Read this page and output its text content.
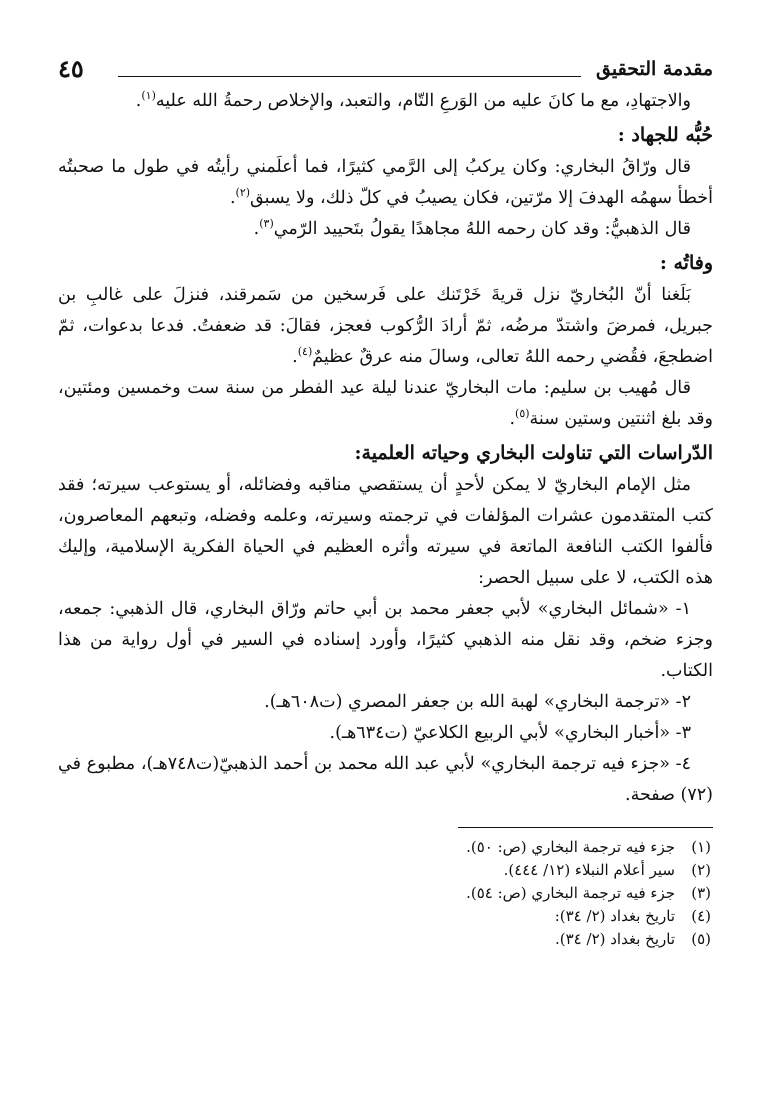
مقدمة التحقيق
٤٥

والاجتهادِ، مع ما كانَ عليه من الوَرعِ التّام، والتعبد، والإخلاص رحمةُ الله عليه$^{(١)}$.

حُبُّه للجهاد :

قال ورّاقُ البخاري: وكان يركبُ إلى الرَّمي كثيرًا، فما أعلَمني رأيتُه في طول ما صحبتُه أخطأ سهمُه الهدفَ إلا مرّتين، فكان يصيبُ في كلّ ذلك، ولا يسبق$^{(٢)}$.

قال الذهبيُّ: وقد كان رحمه اللهُ مجاهدًا يقولُ بتَحييد الرّمي$^{(٣)}$.

وفاتُه :

بَلَغنا أنّ البُخاريّ نزل قريةَ خَرْتَنك على فَرسخين من سَمرقند، فنزلَ على غالبِ بن جبريل، فمرضَ واشتدّ مرضُه، ثمّ أرادَ الرُّكوب فعجز، فقالَ: قد ضعفتُ. فدعا بدعوات، ثمّ اضطجعَ، فقُضي رحمه اللهُ تعالى، وسالَ منه عرقٌ عظيمٌ$^{(٤)}$.

قال مُهيب بن سليم: مات البخاريّ عندنا ليلة عيد الفطر من سنة ست وخمسين ومئتين، وقد بلغ اثنتين وستين سنة$^{(٥)}$.

الدّراسات التي تناولت البخاري وحياته العلمية:

مثل الإمام البخاريّ لا يمكن لأحدٍ أن يستقصي مناقبه وفضائله، أو يستوعب سيرته؛ فقد كتب المتقدمون عشرات المؤلفات في ترجمته وسيرته، وعلمه وفضله، وتبعهم المعاصرون، فألفوا الكتب النافعة الماتعة في سيرته وأثره العظيم في الحياة الفكرية الإسلامية، وإليك هذه الكتب، لا على سبيل الحصر:

١- «شمائل البخاري» لأبي جعفر محمد بن أبي حاتم ورّاق البخاري، قال الذهبي: جمعه، وجزء ضخم، وقد نقل منه الذهبي كثيرًا، وأورد إسناده في السير في أول رواية من هذا الكتاب.

٢- «ترجمة البخاري» لهبة الله بن جعفر المصري (ت٦٠٨هـ).

٣- «أخبار البخاري» لأبي الربيع الكلاعيّ (ت٦٣٤هـ).

٤- «جزء فيه ترجمة البخاري» لأبي عبد الله محمد بن أحمد الذهبيّ(ت٧٤٨هـ)، مطبوع في (٧٢) صفحة.

(١)جزء فيه ترجمة البخاري (ص: ٥٠).
(٢)سير أعلام النبلاء (١٢/ ٤٤٤).
(٣)جزء فيه ترجمة البخاري (ص: ٥٤).
(٤)تاريخ بغداد (٢/ ٣٤):
(٥)تاريخ بغداد (٢/ ٣٤).
